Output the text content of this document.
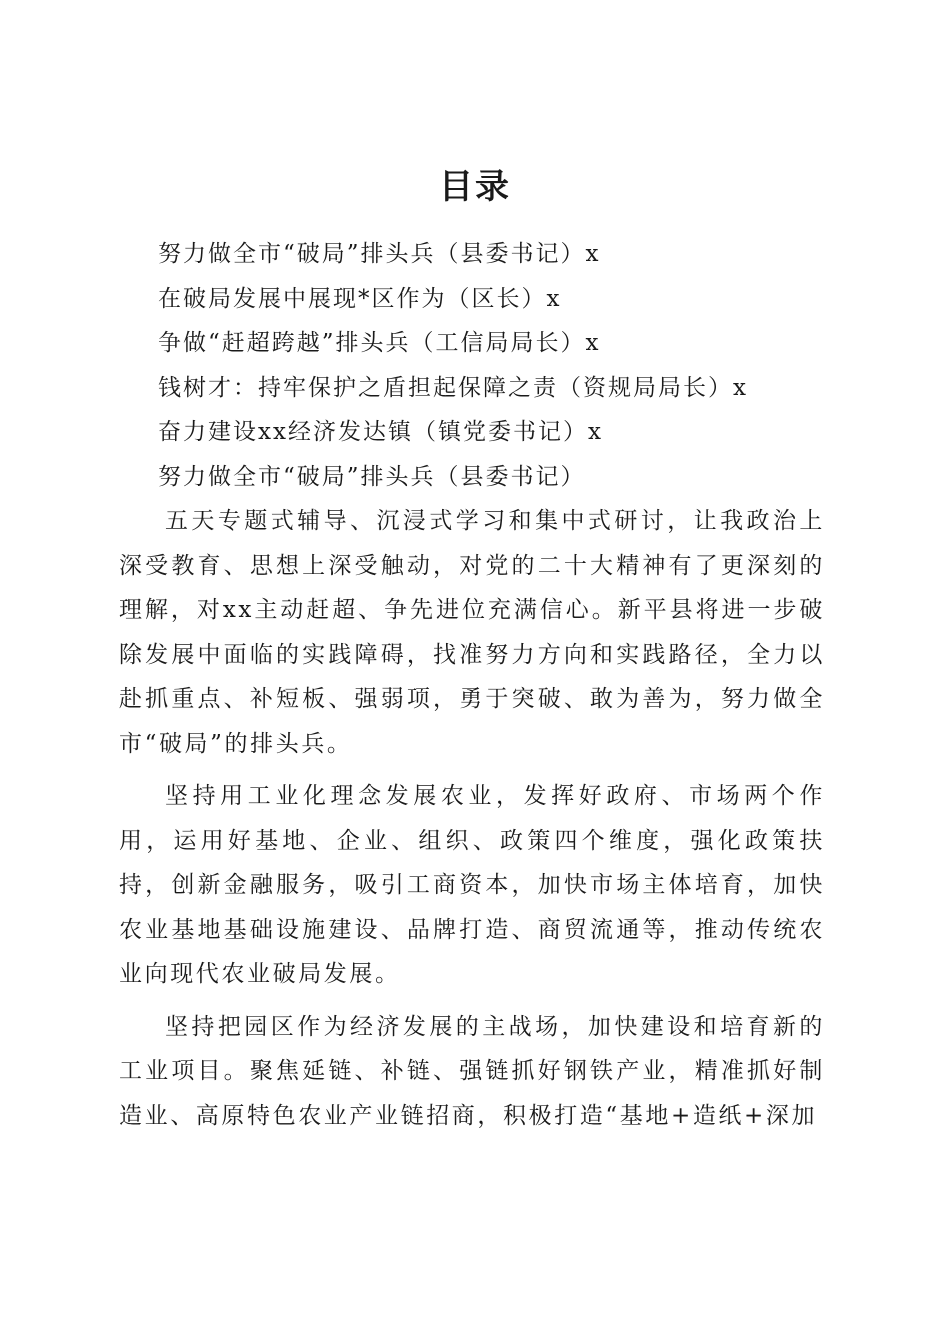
目录
努力做全市“破局”排头兵（县委书记）x
在破局发展中展现*区作为（区长）x
争做“赶超跨越”排头兵（工信局局长）x
钱树才：持牢保护之盾担起保障之责（资规局局长）x
奋力建设xx经济发达镇（镇党委书记）x
努力做全市“破局”排头兵（县委书记）

五天专题式辅导、沉浸式学习和集中式研讨，让我政治上深受教育、思想上深受触动，对党的二十大精神有了更深刻的理解，对xx主动赶超、争先进位充满信心。新平县将进一步破除发展中面临的实践障碍，找准努力方向和实践路径，全力以赴抓重点、补短板、强弱项，勇于突破、敢为善为，努力做全市“破局”的排头兵。

坚持用工业化理念发展农业，发挥好政府、市场两个作用，运用好基地、企业、组织、政策四个维度，强化政策扶持，创新金融服务，吸引工商资本，加快市场主体培育，加快农业基地基础设施建设、品牌打造、商贸流通等，推动传统农业向现代农业破局发展。

坚持把园区作为经济发展的主战场，加快建设和培育新的工业项目。聚焦延链、补链、强链抓好钢铁产业，精准抓好制造业、高原特色农业产业链招商，积极打造“基地+造纸+深加
